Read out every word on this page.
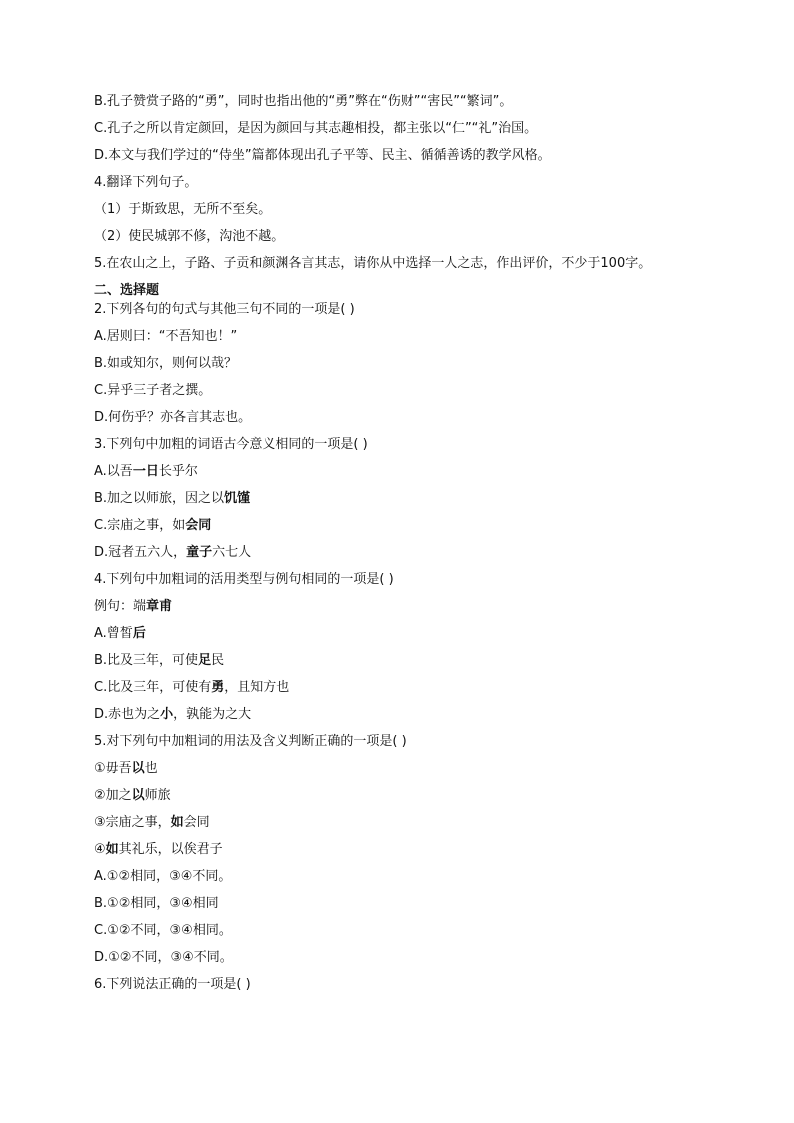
B.孔子赞赏子路的“勇”，同时也指出他的“勇”弊在“伤财”“害民”“繁词”。
C.孔子之所以肯定颜回，是因为颜回与其志趣相投，都主张以“仁”“礼”治国。
D.本文与我们学过的“侍坐”篇都体现出孔子平等、民主、循循善诱的教学风格。
4.翻译下列句子。
（1）于斯致思，无所不至矣。
（2）使民城郭不修，沟池不越。
5.在农山之上，子路、子贡和颜渊各言其志，请你从中选择一人之志，作出评价，不少于100字。
二、选择题
2.下列各句的句式与其他三句不同的一项是( )
A.居则曰：“不吾知也！”
B.如或知尔，则何以哉？
C.异乎三子者之撰。
D.何伤乎？亦各言其志也。
3.下列句中加粗的词语古今意义相同的一项是( )
A.以吾一日长乎尔
B.加之以师旅，因之以饥馑
C.宗庙之事，如会同
D.冠者五六人，童子六七人
4.下列句中加粗词的活用类型与例句相同的一项是( )
例句：端章甫
A.曾皙后
B.比及三年，可使足民
C.比及三年，可使有勇，且知方也
D.赤也为之小，孰能为之大
5.对下列句中加粗词的用法及含义判断正确的一项是( )
①毋吾以也
②加之以师旅
③宗庙之事，如会同
④如其礼乐，以俟君子
A.①②相同，③④不同。
B.①②相同，③④相同
C.①②不同，③④相同。
D.①②不同，③④不同。
6.下列说法正确的一项是( )
